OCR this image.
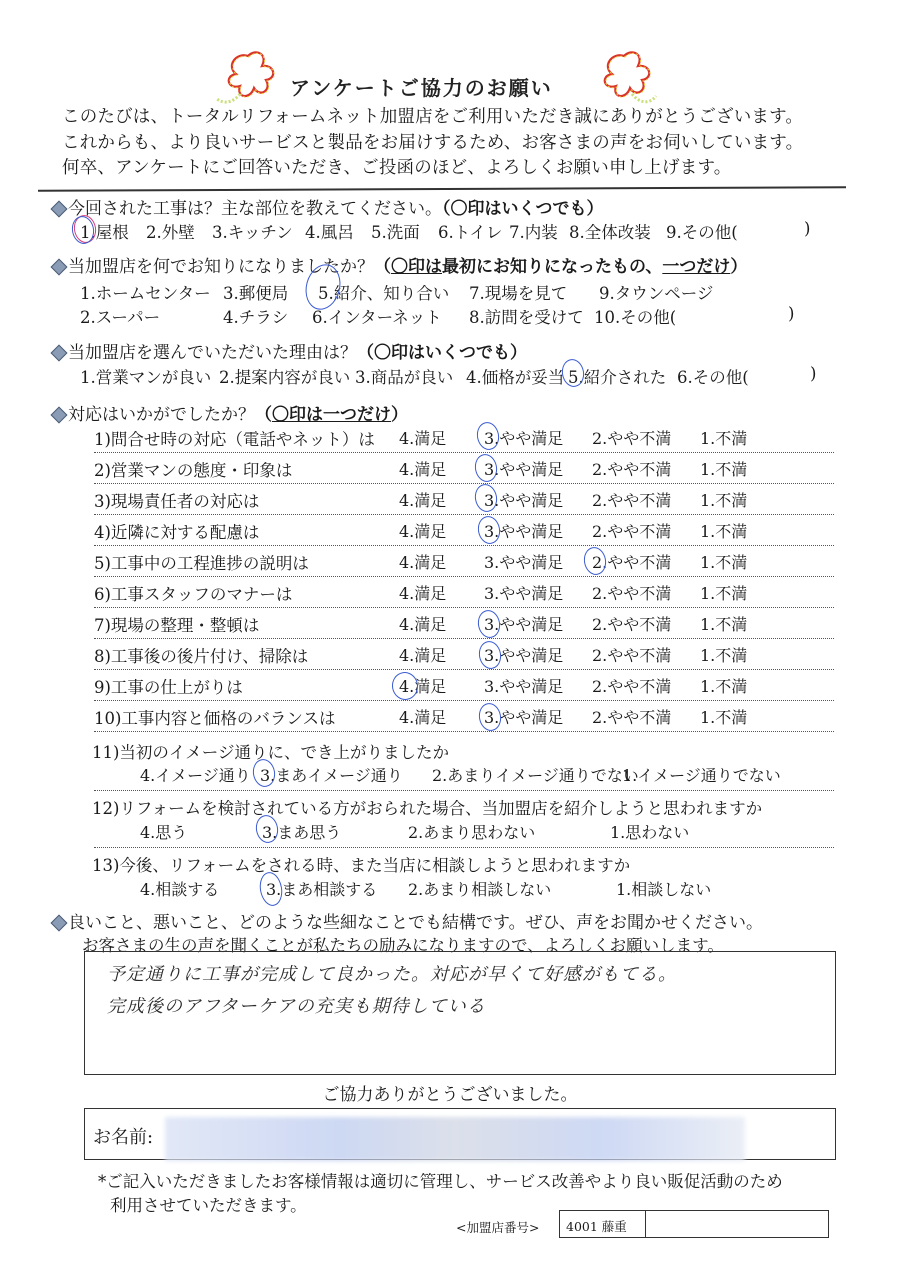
アンケートご協力のお願い
このたびは、トータルリフォームネット加盟店をご利用いただき誠にありがとうございます。
これからも、より良いサービスと製品をお届けするため、お客さまの声をお伺いしています。
何卒、アンケートにご回答いただき、ご投函のほど、よろしくお願い申し上げます。
今回された工事は？主な部位を教えてください。（〇印はいくつでも）
1.屋根 2.外壁 3.キッチン 4.風呂 5.洗面 6.トイレ 7.内装 8.全体改装 9.その他(	)
当加盟店を何でお知りになりましたか？（〇印は最初にお知りになったもの、一つだけ）
1.ホームセンター 3.郵便局 5.紹介、知り合い 7.現場を見て 9.タウンページ
2.スーパー	4.チラシ 6.インターネット 8.訪問を受けて 10.その他(	)
当加盟店を選んでいただいた理由は？（〇印はいくつでも）
1.営業マンが良い 2.提案内容が良い 3.商品が良い 4.価格が妥当 5.紹介された 6.その他(	)
対応はいかがでしたか？（〇印は一つだけ）
1)問合せ時の対応（電話やネット）は 4.満足 3.やや満足 2.やや不満 1.不満
2)営業マンの態度・印象は	4.満足 3.やや満足 2.やや不満 1.不満
3)現場責任者の対応は	4.満足 3.やや満足 2.やや不満 1.不満
4)近隣に対する配慮は	4.満足 3.やや満足 2.やや不満 1.不満
5)工事中の工程進捗の説明は	4.満足 3.やや満足 2.やや不満 1.不満
6)工事スタッフのマナーは	4.満足 3.やや満足 2.やや不満 1.不満
7)現場の整理・整頓は	4.満足 3.やや満足 2.やや不満 1.不満
8)工事後の後片付け、掃除は	4.満足 3.やや満足 2.やや不満 1.不満
9)工事の仕上がりは	4.満足 3.やや満足 2.やや不満 1.不満
10)工事内容と価格のバランスは	4.満足 3.やや満足 2.やや不満 1.不満
11)当初のイメージ通りに、でき上がりましたか
4.イメージ通り 3.まあイメージ通り 2.あまりイメージ通りでない
1.イメージ通りでない
12)リフォームを検討されている方がおられた場合、当加盟店を紹介しようと思われますか
4.思う	3.まあ思う	2.あまり思わない	1.思わない
13)今後、リフォームをされる時、また当店に相談しようと思われますか
4.相談する	3.まあ相談する 2.あまり相談しない	1.相談しない
良いこと、悪いこと、どのような些細なことでも結構です。ぜひ、声をお聞かせください。
お客さまの生の声を聞くことが私たちの励みになりますので、よろしくお願いします。
予定通りに工事が完成して良かった。対応が早くて好感がもてる。
完成後のアフターケアの充実も期待している
ご協力ありがとうございました。
お名前:
*ご記入いただきましたお客様情報は適切に管理し、サービス改善やより良い販促活動のため
利用させていただきます。
<加盟店番号>	4001 藤重
